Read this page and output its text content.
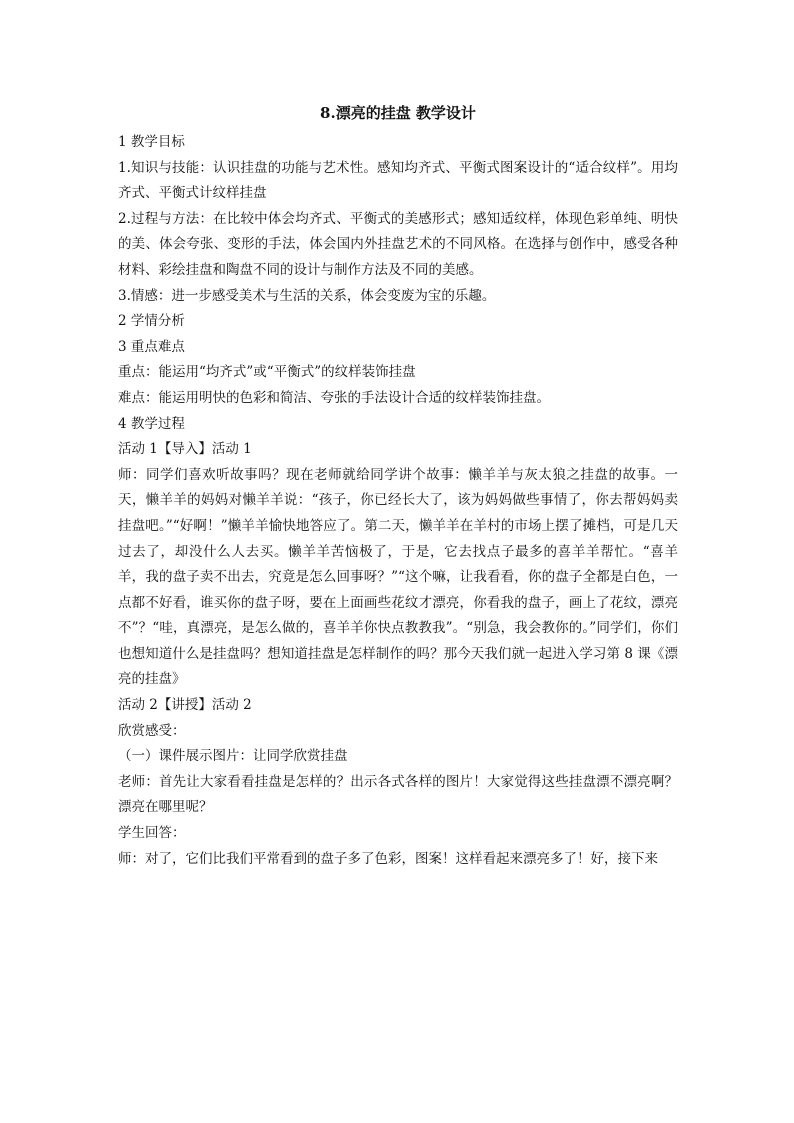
8.漂亮的挂盘 教学设计

1 教学目标

1.知识与技能：认识挂盘的功能与艺术性。感知均齐式、平衡式图案设计的“适合纹样”。用均齐式、平衡式计纹样挂盘

2.过程与方法：在比较中体会均齐式、平衡式的美感形式；感知适纹样，体现色彩单纯、明快的美、体会夸张、变形的手法，体会国内外挂盘艺术的不同风格。在选择与创作中，感受各种材料、彩绘挂盘和陶盘不同的设计与制作方法及不同的美感。

3.情感：进一步感受美术与生活的关系，体会变废为宝的乐趣。

2 学情分析

3 重点难点

重点：能运用“均齐式”或“平衡式”的纹样装饰挂盘

难点：能运用明快的色彩和简洁、夸张的手法设计合适的纹样装饰挂盘。

4 教学过程

活动 1【导入】活动 1

师：同学们喜欢听故事吗？现在老师就给同学讲个故事：懒羊羊与灰太狼之挂盘的故事。一天，懒羊羊的妈妈对懒羊羊说：“孩子，你已经长大了，该为妈妈做些事情了，你去帮妈妈卖挂盘吧。”“好啊！”懒羊羊愉快地答应了。第二天，懒羊羊在羊村的市场上摆了摊档，可是几天过去了，却没什么人去买。懒羊羊苦恼极了，于是，它去找点子最多的喜羊羊帮忙。“喜羊羊，我的盘子卖不出去，究竟是怎么回事呀？”“这个嘛，让我看看，你的盘子全都是白色，一点都不好看，谁买你的盘子呀，要在上面画些花纹才漂亮，你看我的盘子，画上了花纹，漂亮不”？“哇，真漂亮，是怎么做的，喜羊羊你快点教教我”。“别急，我会教你的。”同学们，你们也想知道什么是挂盘吗？想知道挂盘是怎样制作的吗？那今天我们就一起进入学习第 8 课《漂亮的挂盘》

活动 2【讲授】活动 2

欣赏感受：

（一）课件展示图片：让同学欣赏挂盘

老师：首先让大家看看挂盘是怎样的？出示各式各样的图片！大家觉得这些挂盘漂不漂亮啊？漂亮在哪里呢？

学生回答：

师：对了，它们比我们平常看到的盘子多了色彩，图案！这样看起来漂亮多了！好，接下来
